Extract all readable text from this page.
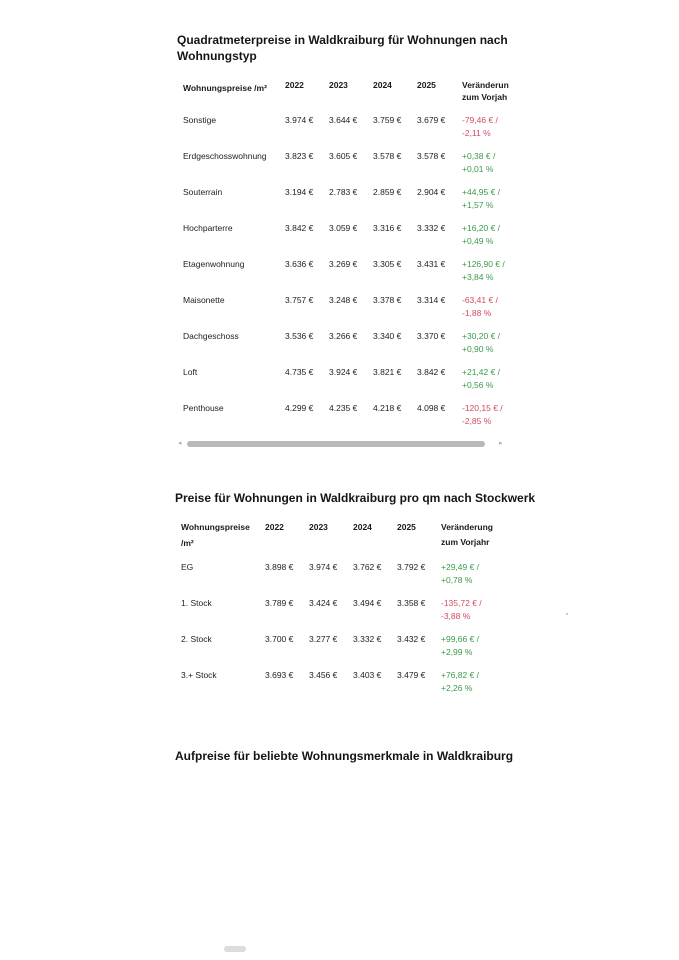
Quadratmeterpreise in Waldkraiburg für Wohnungen nach Wohnungstyp
Preise für Wohnungen in Waldkraiburg pro qm nach Stockwerk
Aufpreise für beliebte Wohnungsmerkmale in Waldkraiburg
Wohnungspreise /m² 2022	2023	2024	2025	Veränderun
zum Vorjah
Sonstige	3.974 € 3.644 € 3.759 € 3.679 € -79,46 € /
-2,11 %
Erdgeschosswohnung 3.823 € 3.605 € 3.578 € 3.578 € +0,38 € /
+0,01 %
Souterrain	3.194 € 2.783 € 2.859 € 2.904 € +44,95 € /
+1,57 %
Hochparterre	3.842 € 3.059 € 3.316 € 3.332 € +16,20 € /
+0,49 %
Etagenwohnung	3.636 € 3.269 € 3.305 € 3.431 € +126,90 € /
+3,84 %
Maisonette	3.757 € 3.248 € 3.378 € 3.314 € -63,41 € /
-1,88 %
Dachgeschoss	3.536 € 3.266 € 3.340 € 3.370 € +30,20 € /
+0,90 %
Loft	4.735 € 3.924 € 3.821 € 3.842 € +21,42 € /
+0,56 %
Penthouse	4.299 € 4.235 € 4.218 € 4.098 € -120,15 € /
-2,85 %
◂	▸
Wohnungspreise
/m²
2022	2023	2024	2025	Veränderung
zum Vorjahr
EG	3.898 € 3.974 € 3.762 € 3.792 € +29,49 € /
+0,78 %
1. Stock	3.789 € 3.424 € 3.494 € 3.358 € -135,72 € /
-3,88 %
2. Stock	3.700 € 3.277 € 3.332 € 3.432 € +99,66 € /
+2,99 %
3.+ Stock	3.693 € 3.456 € 3.403 € 3.479 € +76,82 € /
+2,26 %
